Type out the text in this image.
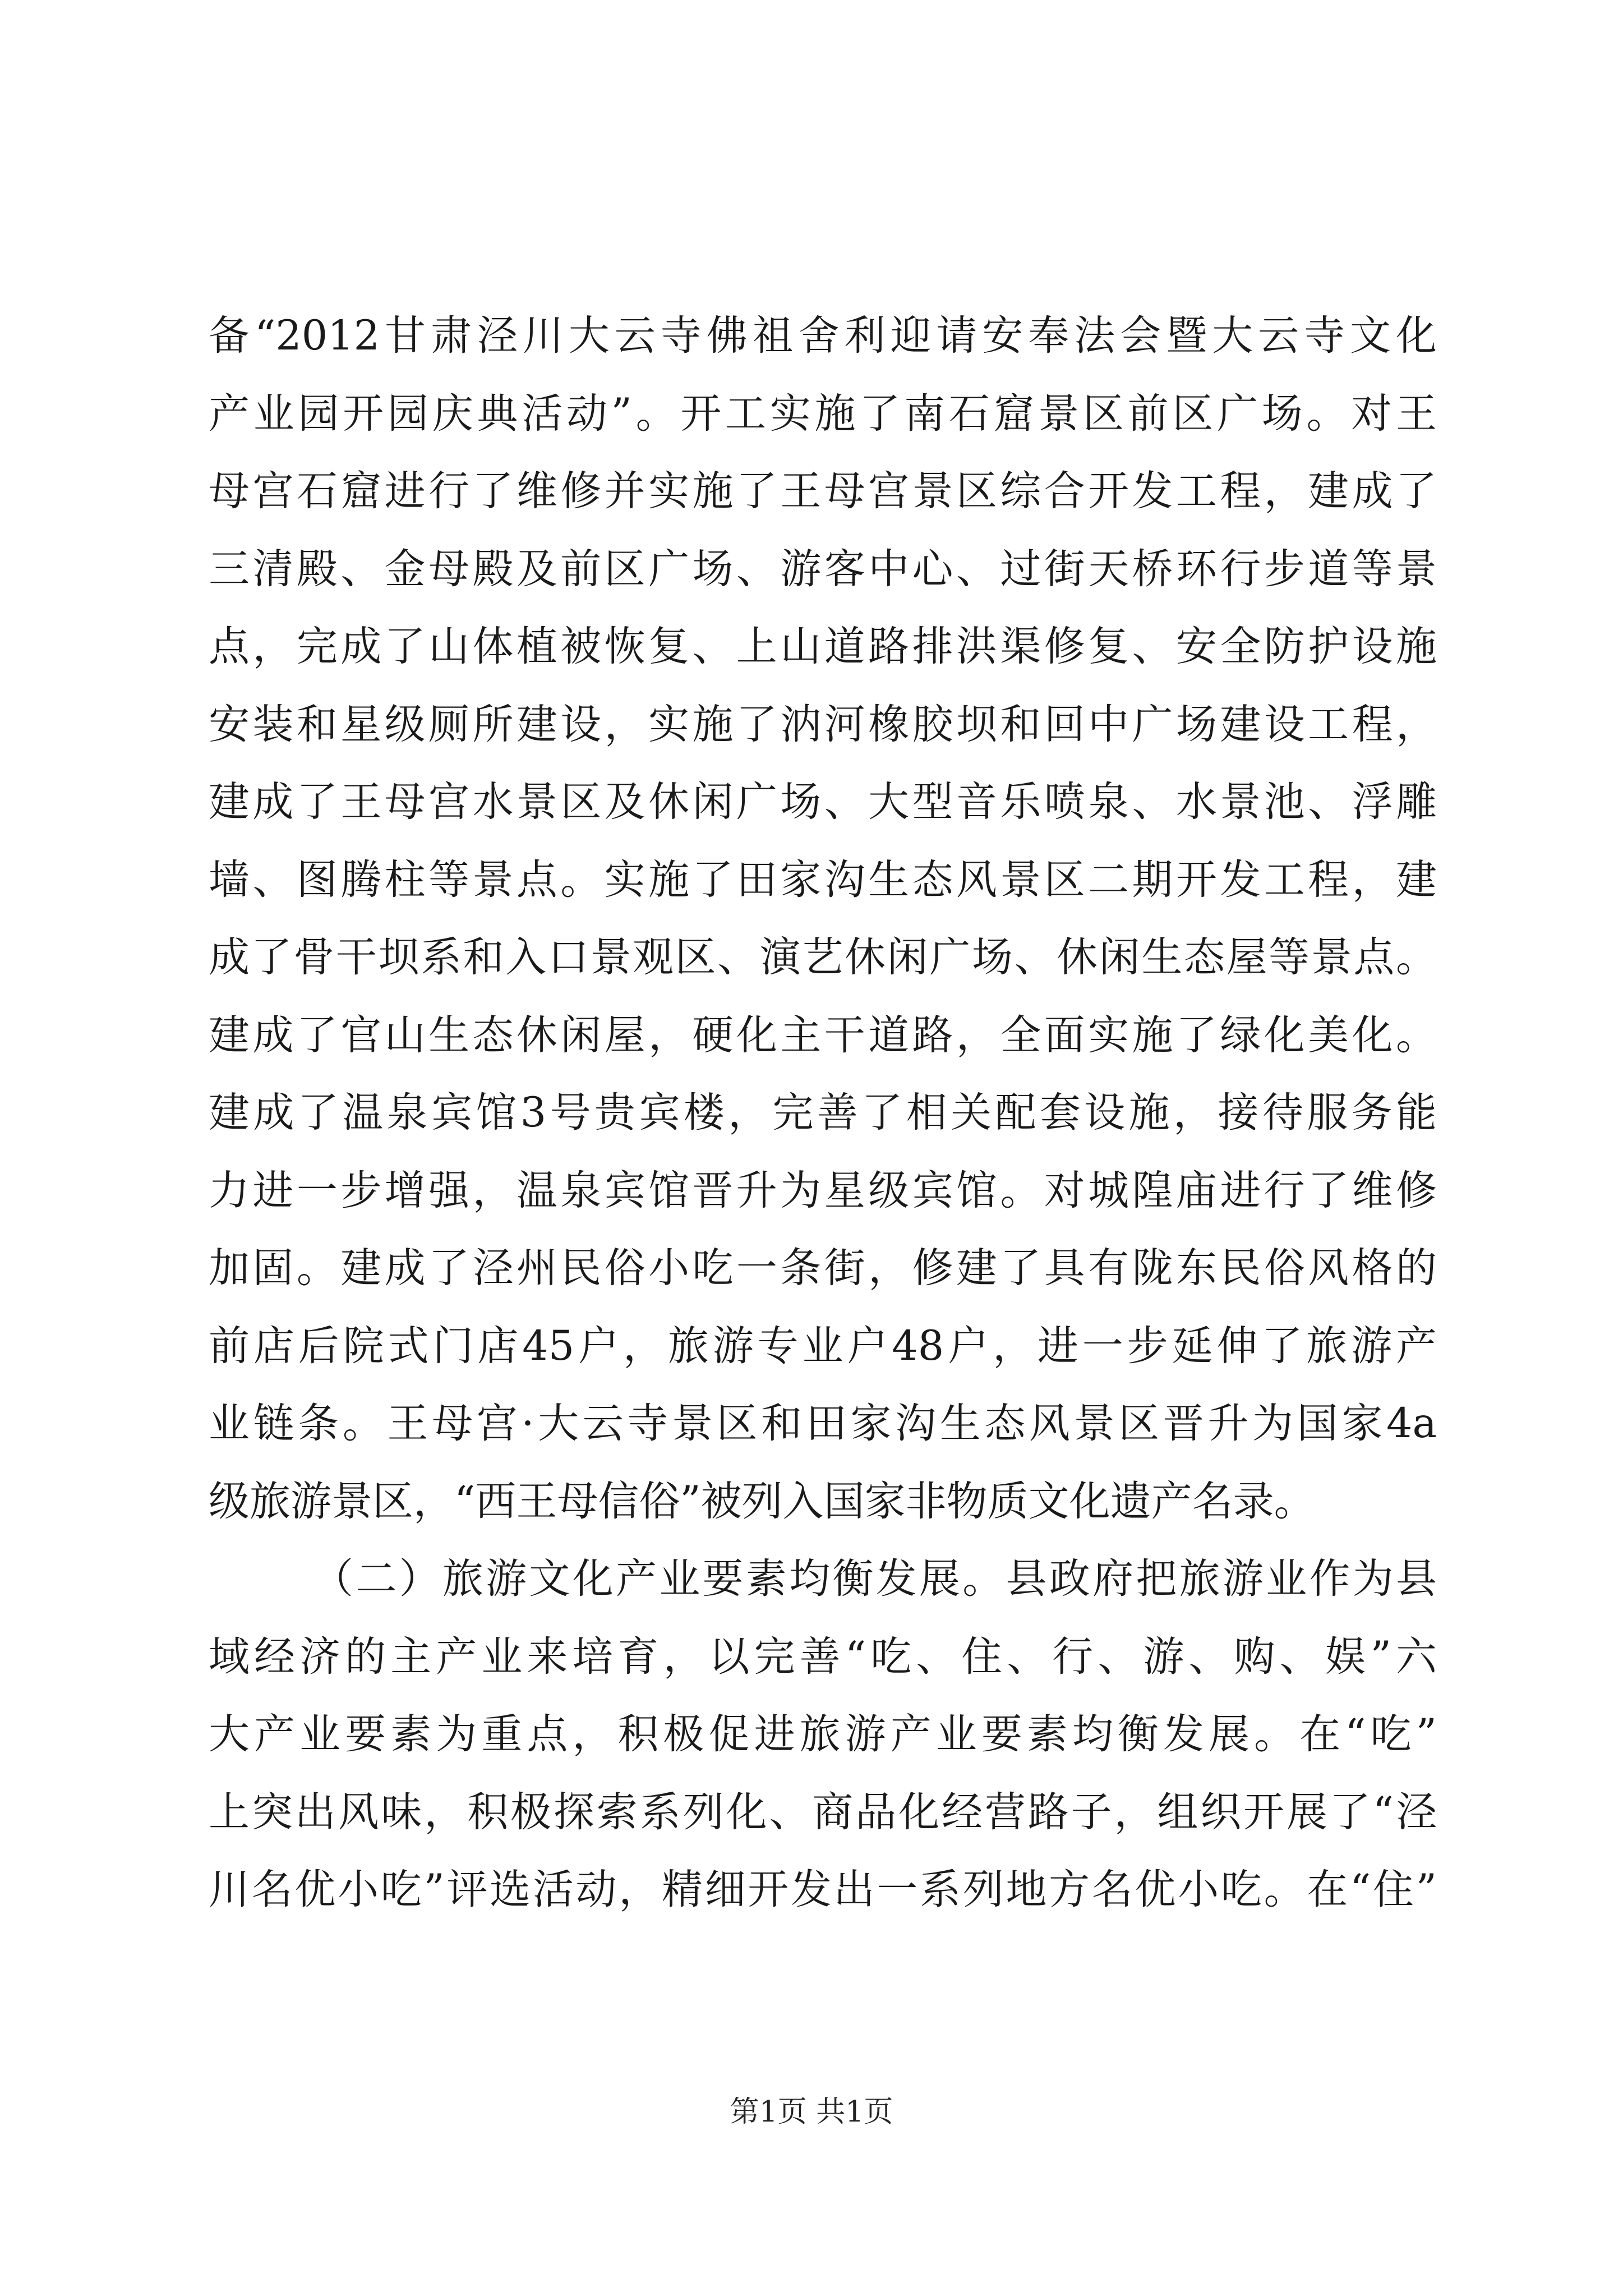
备“2012甘肃泾川大云寺佛祖舍利迎请安奉法会暨大云寺文化
产业园开园庆典活动”。开工实施了南石窟景区前区广场。对王
母宫石窟进行了维修并实施了王母宫景区综合开发工程，建成了
三清殿、金母殿及前区广场、游客中心、过街天桥环行步道等景
点，完成了山体植被恢复、上山道路排洪渠修复、安全防护设施
安装和星级厕所建设，实施了汭河橡胶坝和回中广场建设工程，
建成了王母宫水景区及休闲广场、大型音乐喷泉、水景池、浮雕
墙、图腾柱等景点。实施了田家沟生态风景区二期开发工程，建
成了骨干坝系和入口景观区、演艺休闲广场、休闲生态屋等景点。
建成了官山生态休闲屋，硬化主干道路，全面实施了绿化美化。
建成了温泉宾馆3号贵宾楼，完善了相关配套设施，接待服务能
力进一步增强，温泉宾馆晋升为星级宾馆。对城隍庙进行了维修
加固。建成了泾州民俗小吃一条街，修建了具有陇东民俗风格的
前店后院式门店45户，旅游专业户48户，进一步延伸了旅游产
业链条。王母宫·大云寺景区和田家沟生态风景区晋升为国家4a
级旅游景区，“西王母信俗”被列入国家非物质文化遗产名录。
（二）旅游文化产业要素均衡发展。县政府把旅游业作为县
域经济的主产业来培育，以完善“吃、住、行、游、购、娱”六
大产业要素为重点，积极促进旅游产业要素均衡发展。在“吃”
上突出风味，积极探索系列化、商品化经营路子，组织开展了“泾
川名优小吃”评选活动，精细开发出一系列地方名优小吃。在“住”
第1页 共1页
